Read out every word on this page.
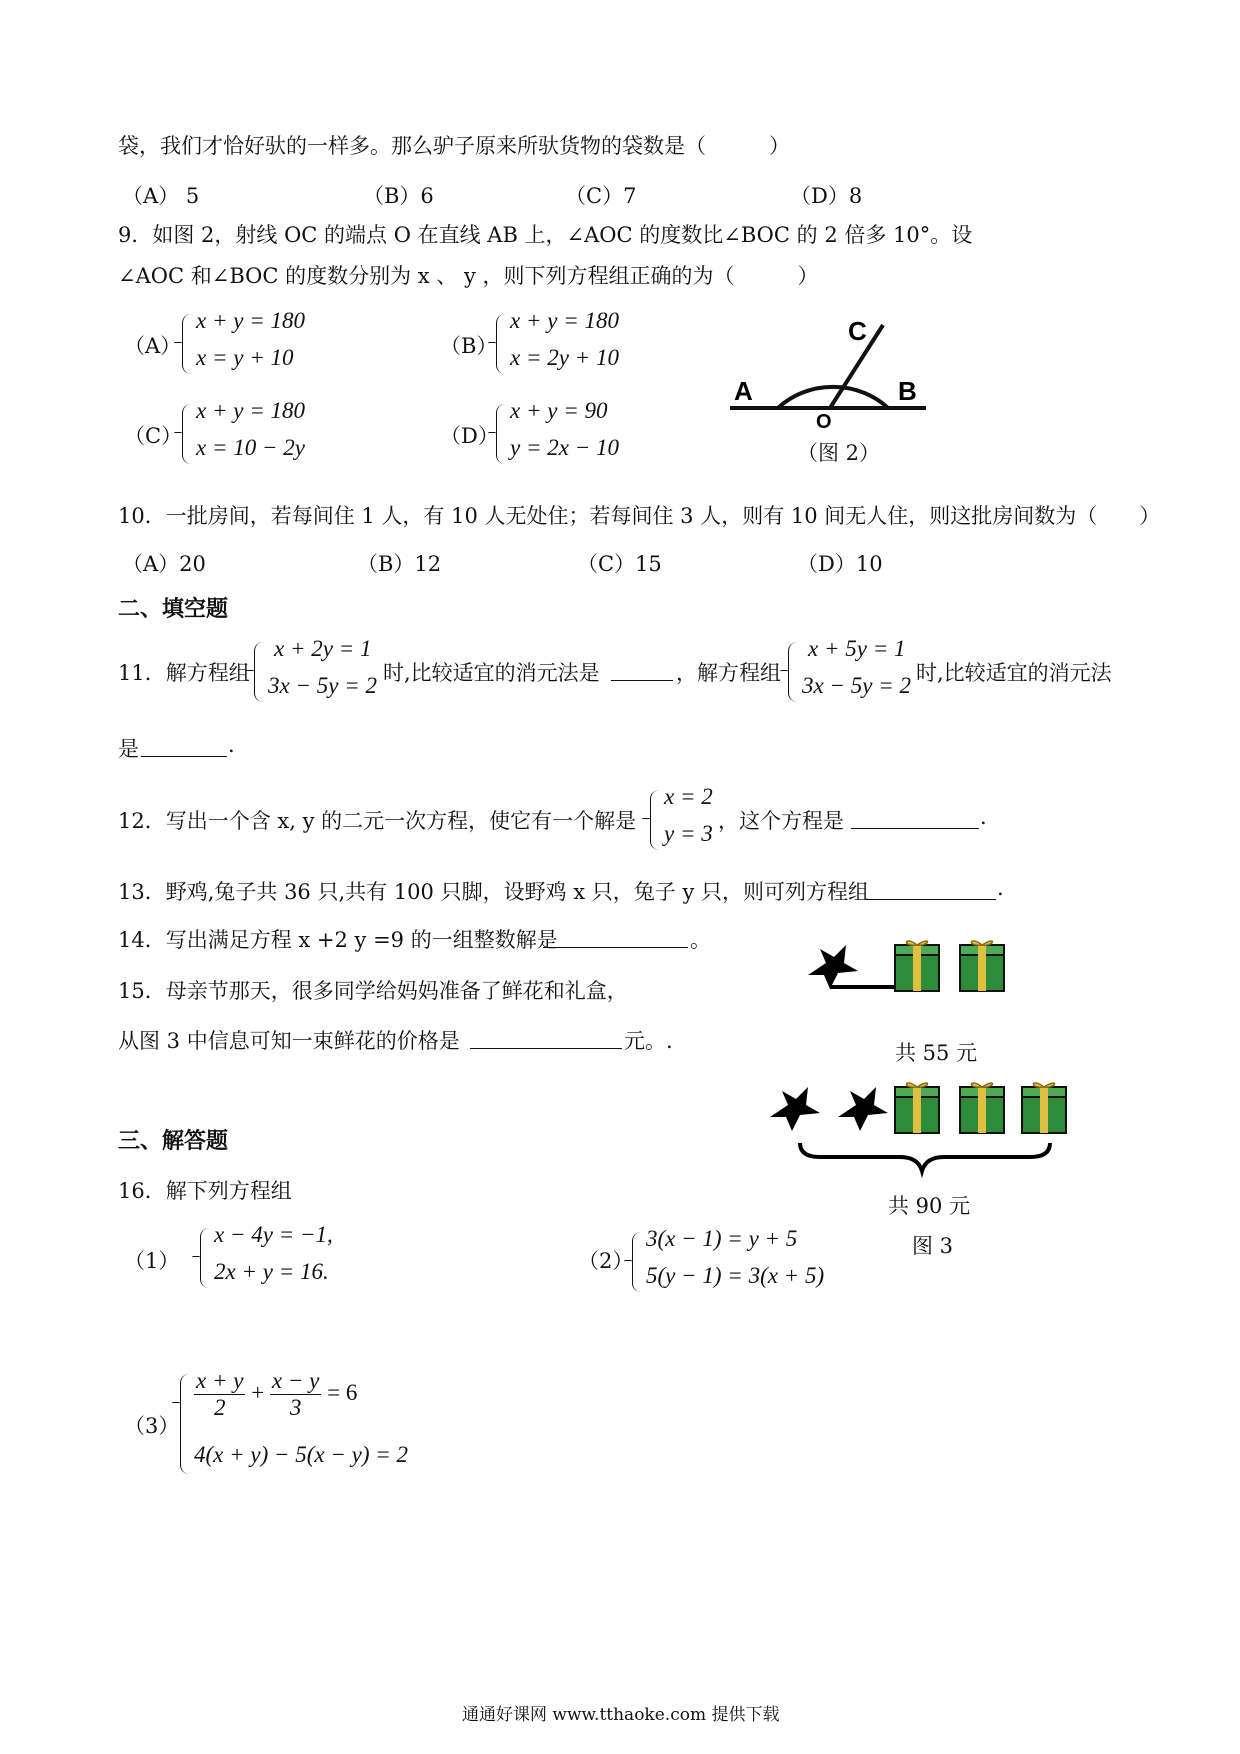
袋，我们才恰好驮的一样多。那么驴子原来所驮货物的袋数是（　　　）
（A） 5	（B）6	（C）7	（D）8
9．如图 2，射线 OC 的端点 O 在直线 AB 上，∠AOC 的度数比∠BOC 的 2 倍多 10°。设
∠AOC 和∠BOC 的度数分别为 x 、 y ，则下列方程组正确的为（　　　）
（A）
x + y = 180
x = y + 10	（B）
x + y = 180
x = 2y + 10
（C）
x + y = 180
x = 10 − 2y	（D）
x + y = 90
y = 2x − 10
A	B
C
O
（图 2）
10．一批房间，若每间住 1 人，有 10 人无处住；若每间住 3 人，则有 10 间无人住，则这批房间数为（　　）
（A）20	（B）12	（C）15	（D）10
二、填空题
11．解方程组
x + 2y = 1
3x − 5y = 2 时,比较适宜的消元法是	，解方程组
x + 5y = 1
3x − 5y = 2 时,比较适宜的消元法
是	.
12．写出一个含 x, y 的二元一次方程，使它有一个解是
x = 2
y = 3 ，这个方程是	.
13．野鸡,兔子共 36 只,共有 100 只脚，设野鸡 x 只，兔子 y 只，则可列方程组	.
14．写出满足方程 x +2 y =9 的一组整数解是	。
15．母亲节那天，很多同学给妈妈准备了鲜花和礼盒，
从图 3 中信息可知一束鲜花的价格是	元。.	共 55 元
共 90 元
图 3
三、解答题
16．解下列方程组
（1）
x − 4y = −1,
2x + y = 16.	（2）
3(x − 1) = y + 5
5(y − 1) = 3(x + 5)
（3）
$\frac{x + y}{2} + \frac{x - y}{3} = 6$
4(x + y) − 5(x − y) = 2
通通好课网 www.tthaoke.com 提供下载
